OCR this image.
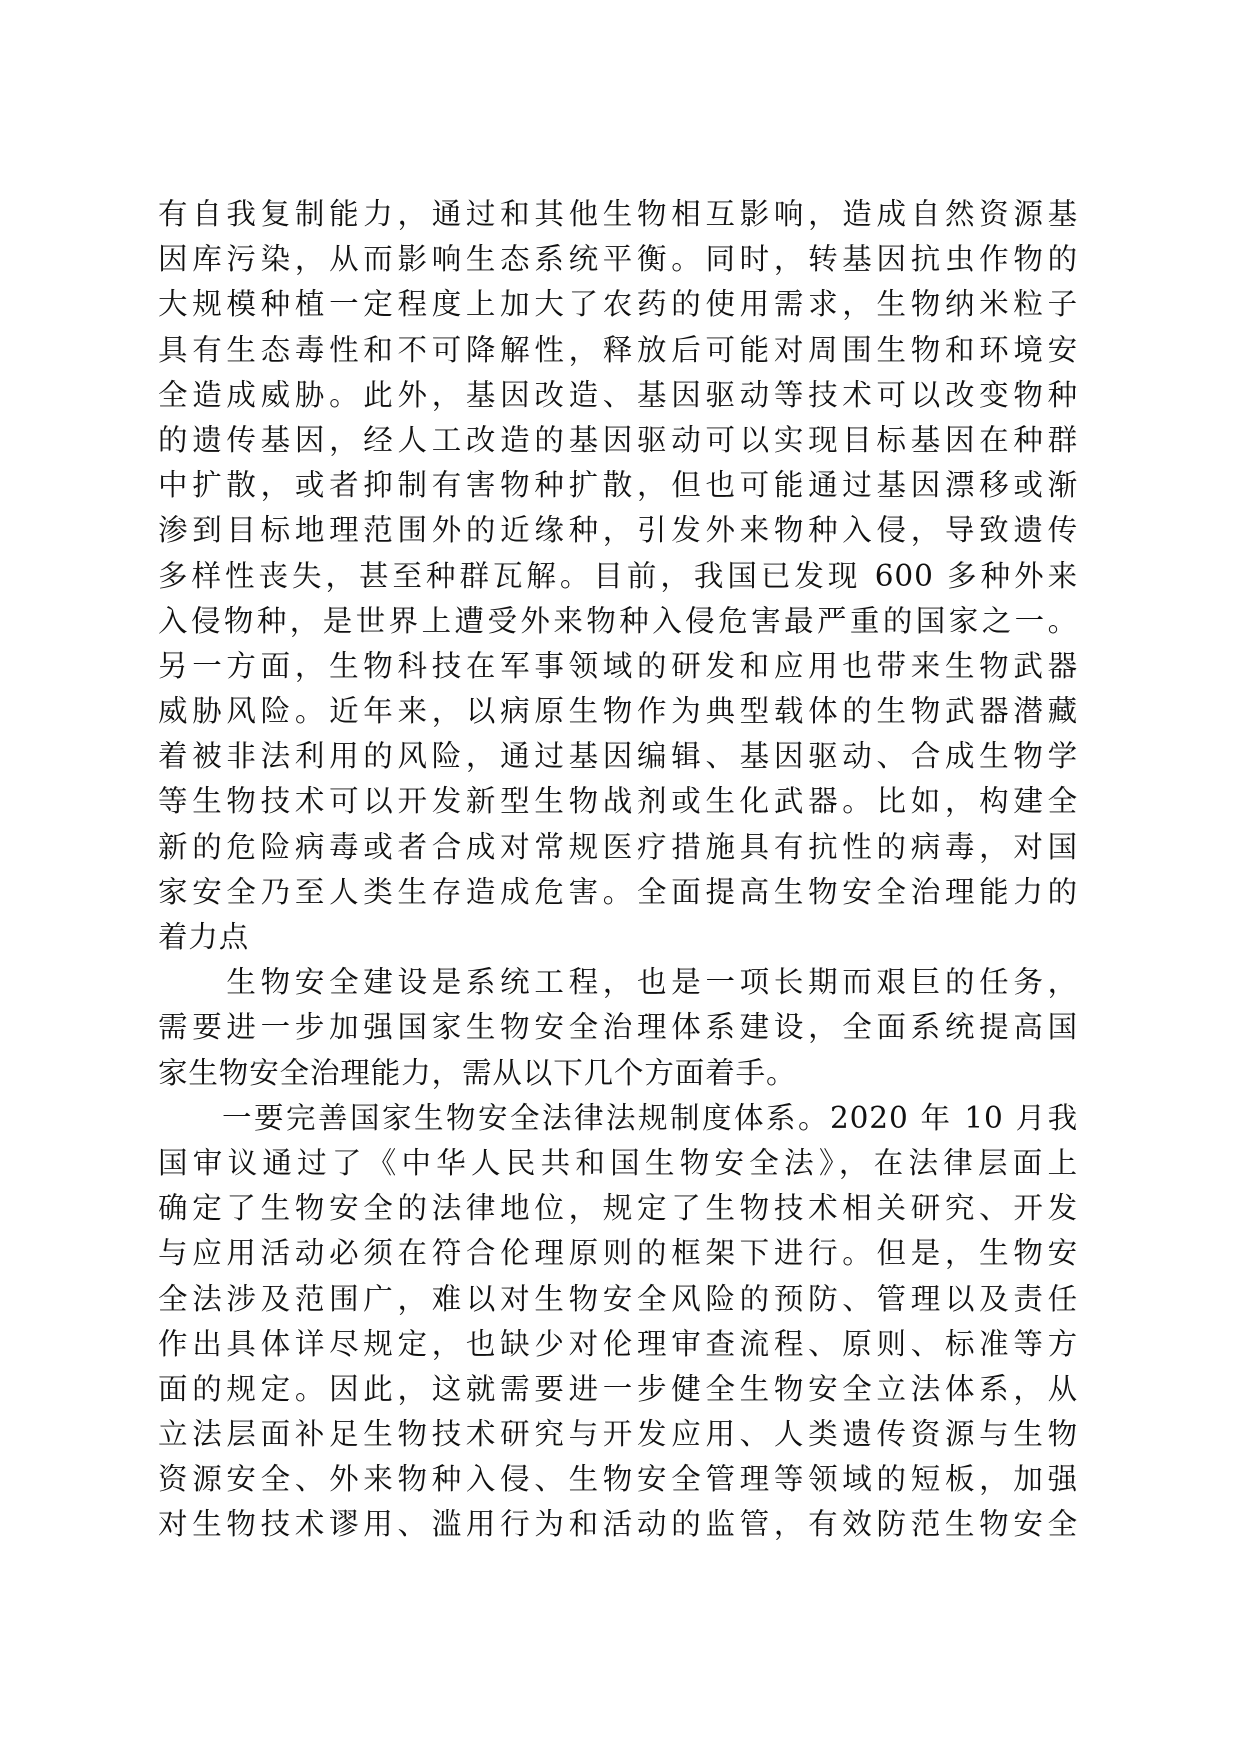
有自我复制能力，通过和其他生物相互影响，造成自然资源基
因库污染，从而影响生态系统平衡。同时，转基因抗虫作物的
大规模种植一定程度上加大了农药的使用需求，生物纳米粒子
具有生态毒性和不可降解性，释放后可能对周围生物和环境安
全造成威胁。此外，基因改造、基因驱动等技术可以改变物种
的遗传基因，经人工改造的基因驱动可以实现目标基因在种群
中扩散，或者抑制有害物种扩散，但也可能通过基因漂移或渐
渗到目标地理范围外的近缘种，引发外来物种入侵，导致遗传
多样性丧失，甚至种群瓦解。目前，我国已发现 600 多种外来
入侵物种，是世界上遭受外来物种入侵危害最严重的国家之一。
另一方面，生物科技在军事领域的研发和应用也带来生物武器
威胁风险。近年来，以病原生物作为典型载体的生物武器潜藏
着被非法利用的风险，通过基因编辑、基因驱动、合成生物学
等生物技术可以开发新型生物战剂或生化武器。比如，构建全
新的危险病毒或者合成对常规医疗措施具有抗性的病毒，对国
家安全乃至人类生存造成危害。全面提高生物安全治理能力的
着力点
　　生物安全建设是系统工程，也是一项长期而艰巨的任务，
需要进一步加强国家生物安全治理体系建设，全面系统提高国
家生物安全治理能力，需从以下几个方面着手。
　　一要完善国家生物安全法律法规制度体系。2020 年 10 月我
国审议通过了《中华人民共和国生物安全法》，在法律层面上
确定了生物安全的法律地位，规定了生物技术相关研究、开发
与应用活动必须在符合伦理原则的框架下进行。但是，生物安
全法涉及范围广，难以对生物安全风险的预防、管理以及责任
作出具体详尽规定，也缺少对伦理审查流程、原则、标准等方
面的规定。因此，这就需要进一步健全生物安全立法体系，从
立法层面补足生物技术研究与开发应用、人类遗传资源与生物
资源安全、外来物种入侵、生物安全管理等领域的短板，加强
对生物技术谬用、滥用行为和活动的监管，有效防范生物安全
